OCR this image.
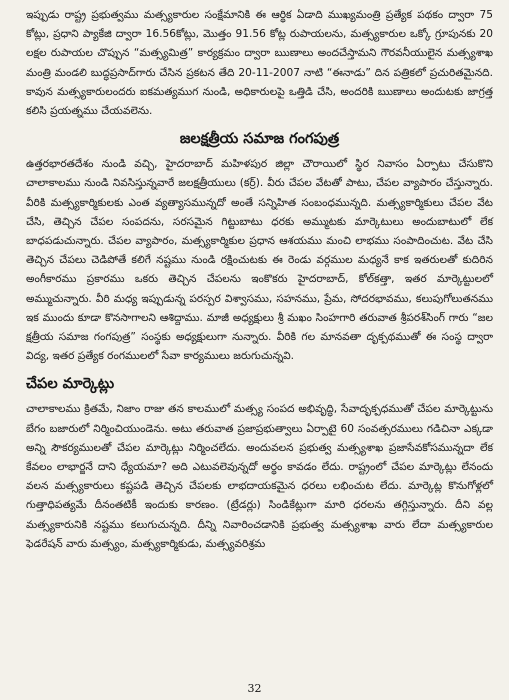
ఇప్పుడు రాష్ట్ర ప్రభుత్వము మత్స్యకారుల సంక్షేమానికి ఈ ఆర్థిక ఏడాది ముఖ్యమంత్రి ప్రత్యేక పథకం ద్వారా 75 కోట్లు, ప్రధాని ప్యాకేజి ద్వారా 16.56కోట్లు, మొత్తం 91.56 కోట్ల రుపాయలను, మత్స్యకారుల ఒక్కో గ్రూపునకు 20 లక్షల రుపాయల చొప్పున “మత్స్యమిత్ర” కార్యక్రమం ద్వారా ఋణాలు అందచేస్తామని గౌరవనీయులైన మత్స్యశాఖ మంత్రి మండలి బుద్ధప్రసాద్‌గారు చేసిన ప్రకటన తేది 20-11-2007 నాటి “ఈనాడు” దిన పత్రికలో ప్రచురితమైనది. కావున మత్స్యకారులందరు ఐకమత్యముగ నుండి, అధికారులపై ఒత్తిడి చేసి, అందరికి ఋణాలు అందుటకు జాగ్రత్త కలిసి ప్రయత్నము చేయవలెను.

జలక్షత్రీయ సమాజ గంగపుత్ర

ఉత్తరభారతదేశం నుండి వచ్చి, హైదరాబాద్ మహిళపుర జిల్లా చౌరాయిలో స్థిర నివాసం ఏర్పాటు చేసుకొని చాలాకాలము నుండి నివసిస్తున్నవారే జలక్షత్రీయులు (కర్ర్‌). వీరు చేపల వేటతో పాటు, చేపల వ్యాపారం చేస్తున్నారు. వీరికి మత్స్యకార్మికులకు ఎంత వ్యత్యాసమున్నదో అంతే సన్నిహిత సంబంధమున్నది. మత్స్యకార్మికులు చేపల వేట చేసి, తెచ్చిన చేపల సంపదను, సరసమైన గిట్టుబాటు ధరకు అమ్ముటకు మార్కెటులు అందుబాటులో లేక బాధపడుచున్నారు. చేపల వ్యాపారం, మత్స్యకార్మికుల ప్రధాన ఆశయము మంచి లాభము సంపాదించుట. వేట చేసి తెచ్చిన చేపలు చెడిపోతే కలిగే నష్టము నుండి రక్షించుటకు ఈ రెండు వర్గముల మధ్యనే కాక ఇతరులతో కుదిరిన అంగీకారము ప్రకారము ఒకరు తెచ్చిన చేపలను ఇంకొకరు హైదరాబాద్, కోల్‌కత్తా, ఇతర మార్కెట్టులలో అమ్ముచున్నారు. వీరి మధ్య ఇప్పుడున్న పరస్పర విశ్వాసము, సహనము, ప్రేమ, సోదరభావము, కలుపుగోలుతనము ఇక ముందు కూడా కొనసాగాలని ఆశిద్దాము. మాజీ అధ్యక్షులు శ్రీ మఖం సింహగారి తరువాత శ్రీపరశ్‌సింగ్ గారు “జల క్షత్రీయ సమాజ గంగపుత్ర” సంస్థకు అధ్యక్షులుగా నున్నారు. వీరికి గల మానవతా దృక్పథముతో ఈ సంస్థ ద్వారా విద్య, ఇతర ప్రత్యేక రంగములలో సేవా కార్యములు జరుగుచున్నవి.

చేపల మార్కెట్లు

చాలాకాలము క్రితమే, నిజాం రాజు తన కాలములో మత్స్య సంపద అభివృద్ధి, సేవాదృక్పధముతో చేపల మార్కెట్టును బేగం బజారులో నిర్మించియుండెను. అటు తరువాత ప్రజాప్రభుత్వాలు ఏర్పాటై 60 సంవత్సరములు గడిచినా ఎక్కడా అన్ని సౌకర్యములతో చేపల మార్కెట్లు నిర్మించలేదు. అందువలన ప్రభుత్వ మత్స్యశాఖ ప్రజాసేవకోసమున్నదా లేక కేవలం లాభార్జనే దాని ధ్యేయమా? అది ఎటువలెవున్నదో అర్థం కావడం లేదు. రాష్ట్రంలో చేపల మార్కెట్లు లేనందు వలన మత్స్యకారులు కష్టపడి తెచ్చిన చేపలకు లాభదాయకమైన ధరలు లభించుట లేదు. మార్కెట్ల కొనుగోళ్లలో గుత్తాధిపత్యమే దీనంతటికీ ఇందుకు కారణం. (ట్రేడర్లు) సిండికేట్లుగా మారి ధరలను తగ్గిస్తున్నారు. దీని వల్ల మత్స్యకారునికి నష్టము కలుగుచున్నది. దీన్ని నివారించడానికి ప్రభుత్వ మత్స్యశాఖ వారు లేదా మత్స్యకారుల ఫెడరేషన్ వారు మత్స్యం, మత్స్యకార్మికుడు, మత్స్యవరిశ్రమ

32
